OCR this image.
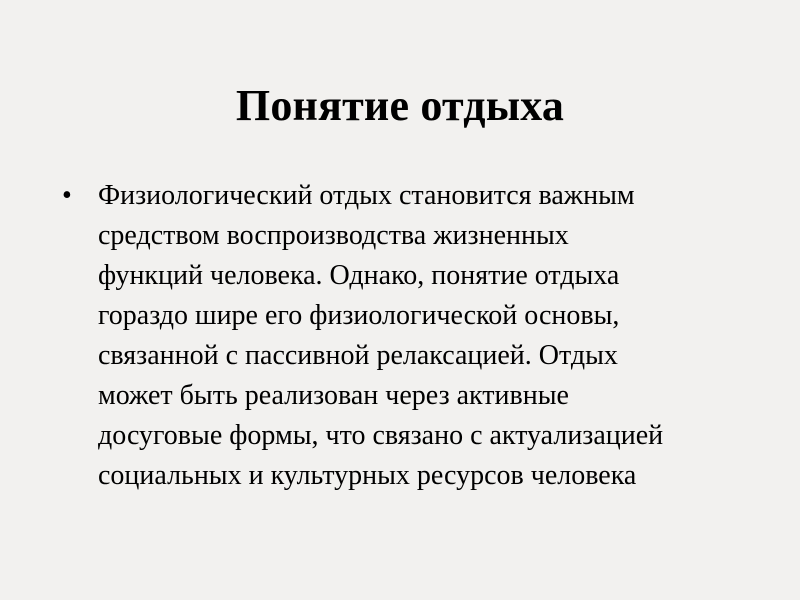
Понятие отдыха
• Физиологический отдых становится важным
средством воспроизводства жизненных
функций человека. Однако, понятие отдыха
гораздо шире его физиологической основы,
связанной с пассивной релаксацией. Отдых
может быть реализован через активные
досуговые формы, что связано с актуализацией
социальных и культурных ресурсов человека
